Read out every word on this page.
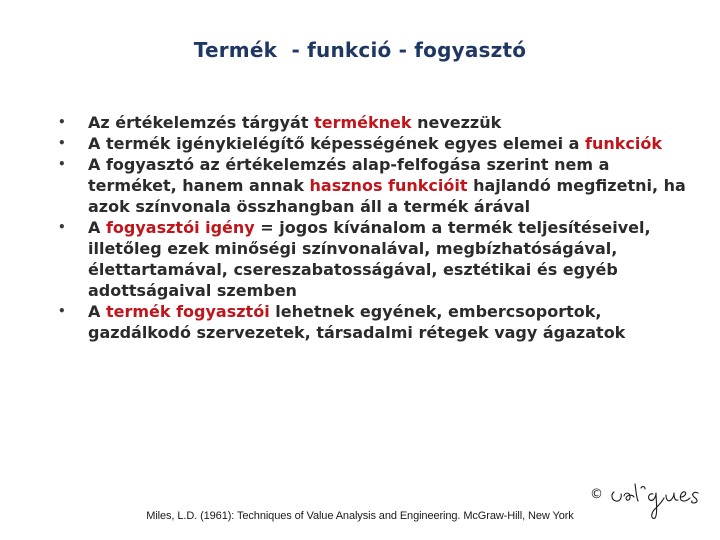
Termék  - funkció - fogyasztó
• Az értékelemzés tárgyát terméknek nevezzük
• A termék igénykielégítő képességének egyes elemei a funkciók
• A fogyasztó az értékelemzés alap-felfogása szerint nem a terméket, hanem annak hasznos funkcióit hajlandó megfizetni, ha azok színvonala összhangban áll a termék árával
• A fogyasztói igény = jogos kívánalom a termék teljesítéseivel, illetőleg ezek minőségi színvonalával, megbízhatóságával, élettartamával, csereszabatosságával, esztétikai és egyéb adottságaival szemben
• A termék fogyasztói lehetnek egyének, embercsoportok, gazdálkodó szervezetek, társadalmi rétegek vagy ágazatok
©
Miles, L.D. (1961): Techniques of Value Analysis and Engineering. McGraw-Hill, New York
